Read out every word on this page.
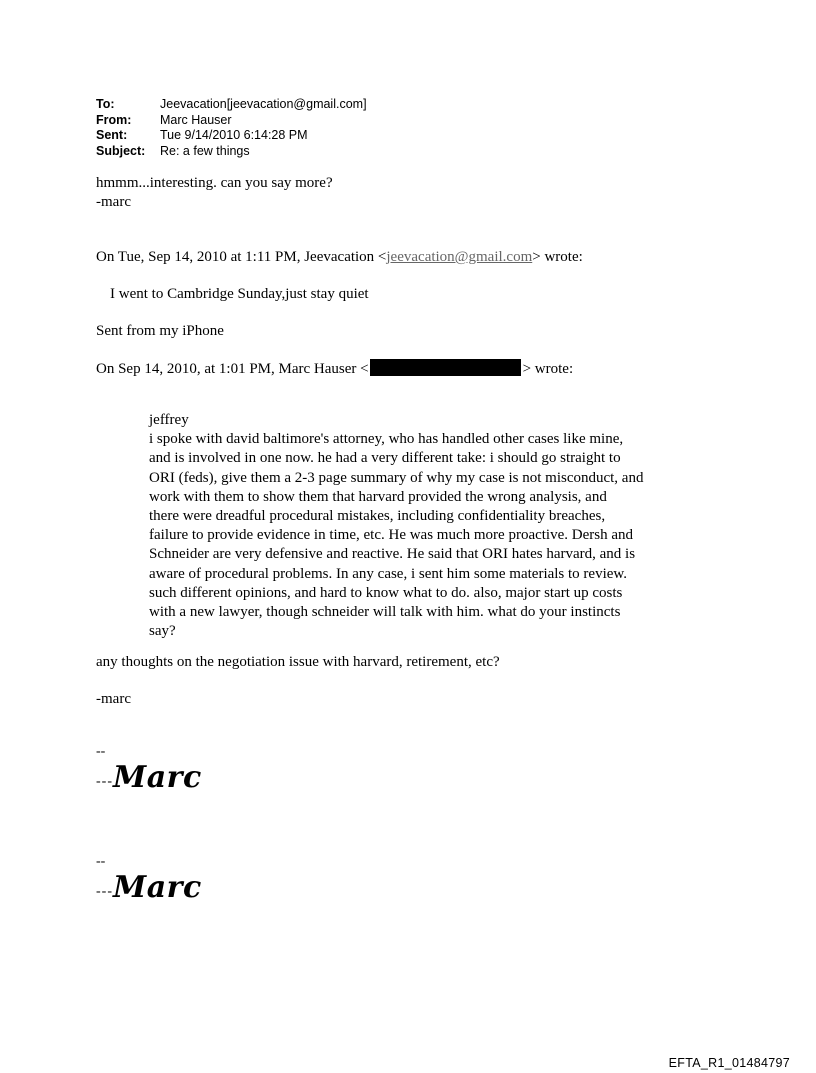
To:	Jeevacation[jeevacation@gmail.com]
From:	Marc Hauser
Sent:	Tue 9/14/2010 6:14:28 PM
Subject:	Re: a few things
hmmm...interesting. can you say more?
-marc
On Tue, Sep 14, 2010 at 1:11 PM, Jeevacation <jeevacation@gmail.com> wrote:
I went to Cambridge Sunday,just stay quiet
Sent from my iPhone
On Sep 14, 2010, at 1:01 PM, Marc Hauser <	> wrote:
jeffrey
i spoke with david baltimore's attorney, who has handled other cases like mine,
and is involved in one now. he had a very different take: i should go straight to
ORI (feds), give them a 2-3 page summary of why my case is not misconduct, and
work with them to show them that harvard provided the wrong analysis, and
there were dreadful procedural mistakes, including confidentiality breaches,
failure to provide evidence in time, etc. He was much more proactive. Dersh and
Schneider are very defensive and reactive. He said that ORI hates harvard, and is
aware of procedural problems. In any case, i sent him some materials to review.
such different opinions, and hard to know what to do. also, major start up costs
with a new lawyer, though schneider will talk with him. what do your instincts
say?
any thoughts on the negotiation issue with harvard, retirement, etc?
-marc
--
---Marc
--
---Marc
EFTA_R1_01484797
